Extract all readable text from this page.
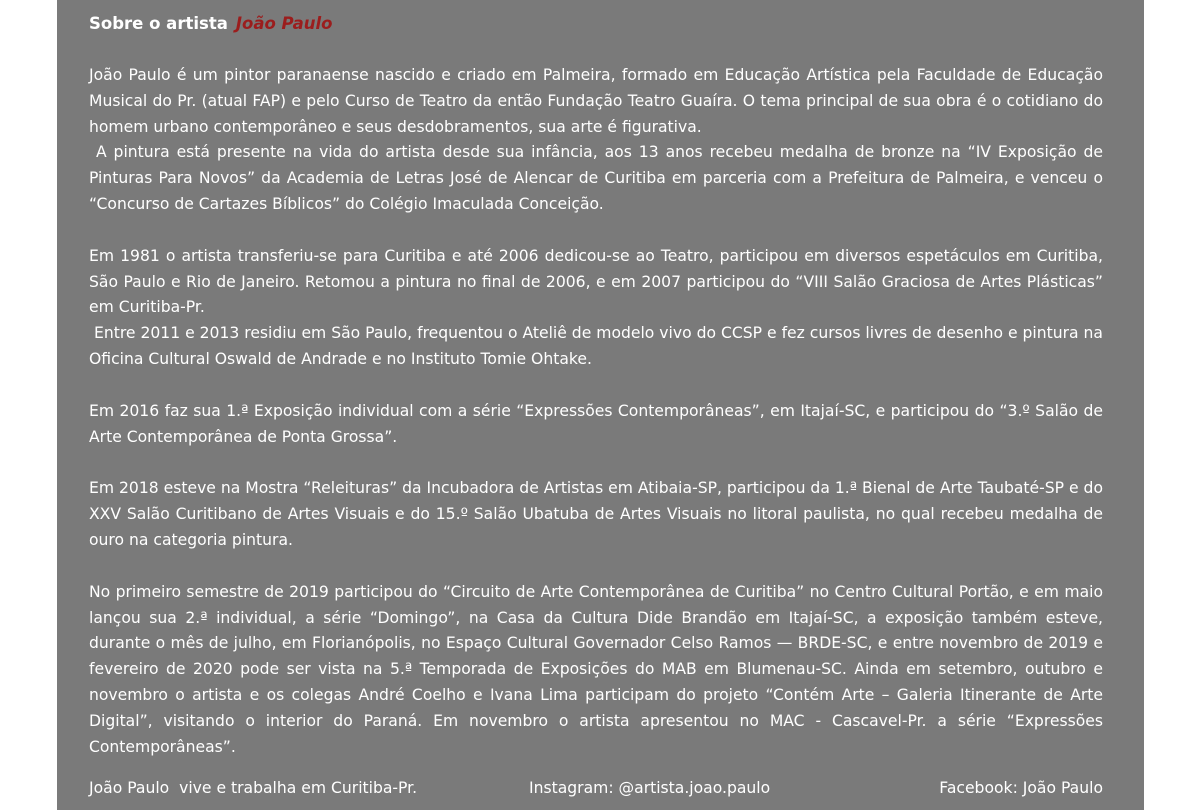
Sobre o artista João Paulo
João Paulo é um pintor paranaense nascido e criado em Palmeira, formado em Educação Artística pela Faculdade de Educação Musical do Pr. (atual FAP) e pelo Curso de Teatro da então Fundação Teatro Guaíra. O tema principal de sua obra é o cotidiano do homem urbano contemporâneo e seus desdobramentos, sua arte é figurativa.
A pintura está presente na vida do artista desde sua infância, aos 13 anos recebeu medalha de bronze na “IV Exposição de Pinturas Para Novos” da Academia de Letras José de Alencar de Curitiba em parceria com a Prefeitura de Palmeira, e venceu o “Concurso de Cartazes Bíblicos” do Colégio Imaculada Conceição.
Em 1981 o artista transferiu-se para Curitiba e até 2006 dedicou-se ao Teatro, participou em diversos espetáculos em Curitiba, São Paulo e Rio de Janeiro. Retomou a pintura no final de 2006, e em 2007 participou do “VIII Salão Graciosa de Artes Plásticas” em Curitiba-Pr.
Entre 2011 e 2013 residiu em São Paulo, frequentou o Ateliê de modelo vivo do CCSP e fez cursos livres de desenho e pintura na Oficina Cultural Oswald de Andrade e no Instituto Tomie Ohtake.
Em 2016 faz sua 1.ª Exposição individual com a série “Expressões Contemporâneas”, em Itajaí-SC, e participou do “3.º Salão de Arte Contemporânea de Ponta Grossa”.
Em 2018 esteve na Mostra “Releituras” da Incubadora de Artistas em Atibaia-SP, participou da 1.ª Bienal de Arte Taubaté-SP e do XXV Salão Curitibano de Artes Visuais e do 15.º Salão Ubatuba de Artes Visuais no litoral paulista, no qual recebeu medalha de ouro na categoria pintura.
No primeiro semestre de 2019 participou do “Circuito de Arte Contemporânea de Curitiba” no Centro Cultural Portão, e em maio lançou sua 2.ª individual, a série “Domingo”, na Casa da Cultura Dide Brandão em Itajaí-SC, a exposição também esteve, durante o mês de julho, em Florianópolis, no Espaço Cultural Governador Celso Ramos — BRDE-SC, e entre novembro de 2019 e fevereiro de 2020 pode ser vista na 5.ª Temporada de Exposições do MAB em Blumenau-SC. Ainda em setembro, outubro e novembro o artista e os colegas André Coelho e Ivana Lima participam do projeto “Contém Arte – Galeria Itinerante de Arte Digital”, visitando o interior do Paraná. Em novembro o artista apresentou no MAC - Cascavel-Pr. a série “Expressões Contemporâneas”.
João Paulo  vive e trabalha em Curitiba-Pr.	Instagram: @artista.joao.paulo	Facebook: João Paulo
